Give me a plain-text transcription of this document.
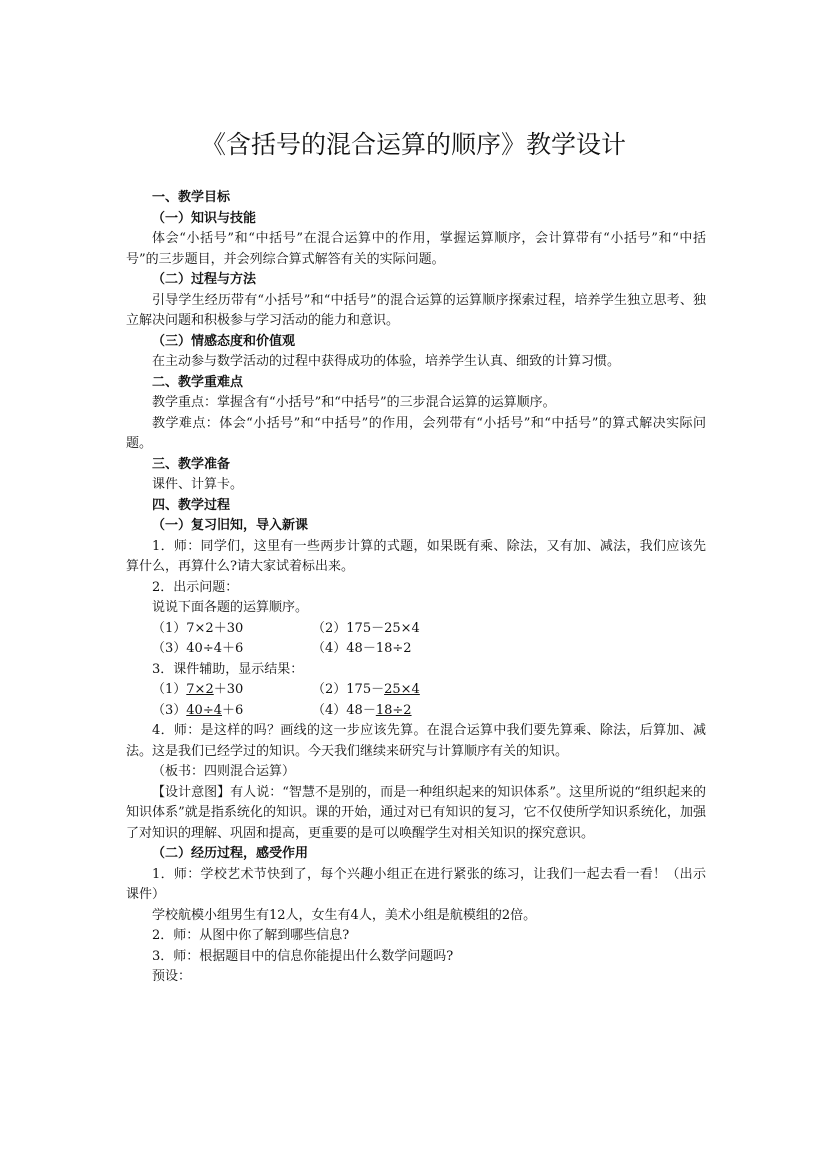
《含括号的混合运算的顺序》教学设计

一、教学目标

（一）知识与技能

体会“小括号”和“中括号”在混合运算中的作用，掌握运算顺序，会计算带有“小括号”和“中括号”的三步题目，并会列综合算式解答有关的实际问题。

（二）过程与方法

引导学生经历带有“小括号”和“中括号”的混合运算的运算顺序探索过程，培养学生独立思考、独立解决问题和积极参与学习活动的能力和意识。

（三）情感态度和价值观

在主动参与数学活动的过程中获得成功的体验，培养学生认真、细致的计算习惯。

二、教学重难点

教学重点：掌握含有“小括号”和“中括号”的三步混合运算的运算顺序。

教学难点：体会“小括号”和“中括号”的作用，会列带有“小括号”和“中括号”的算式解决实际问题。

三、教学准备

课件、计算卡。

四、教学过程

（一）复习旧知，导入新课

1．师：同学们，这里有一些两步计算的式题，如果既有乘、除法，又有加、减法，我们应该先算什么，再算什么?请大家试着标出来。

2．出示问题：

说说下面各题的运算顺序。

（1）7×2＋30	（2）175－25×4
（3）40÷4＋6	（4）48－18÷2

3．课件辅助，显示结果：

（1）7×2＋30	（2）175－25×4
（3）40÷4＋6	（4）48－18÷2

4．师：是这样的吗？画线的这一步应该先算。在混合运算中我们要先算乘、除法，后算加、减法。这是我们已经学过的知识。今天我们继续来研究与计算顺序有关的知识。

（板书：四则混合运算）

【设计意图】有人说：“智慧不是别的，而是一种组织起来的知识体系”。这里所说的“组织起来的知识体系”就是指系统化的知识。课的开始，通过对已有知识的复习，它不仅使所学知识系统化，加强了对知识的理解、巩固和提高，更重要的是可以唤醒学生对相关知识的探究意识。

（二）经历过程，感受作用

1．师：学校艺术节快到了，每个兴趣小组正在进行紧张的练习，让我们一起去看一看！（出示课件）

学校航模小组男生有12人，女生有4人，美术小组是航模组的2倍。

2．师：从图中你了解到哪些信息?

3．师：根据题目中的信息你能提出什么数学问题吗?

预设：
